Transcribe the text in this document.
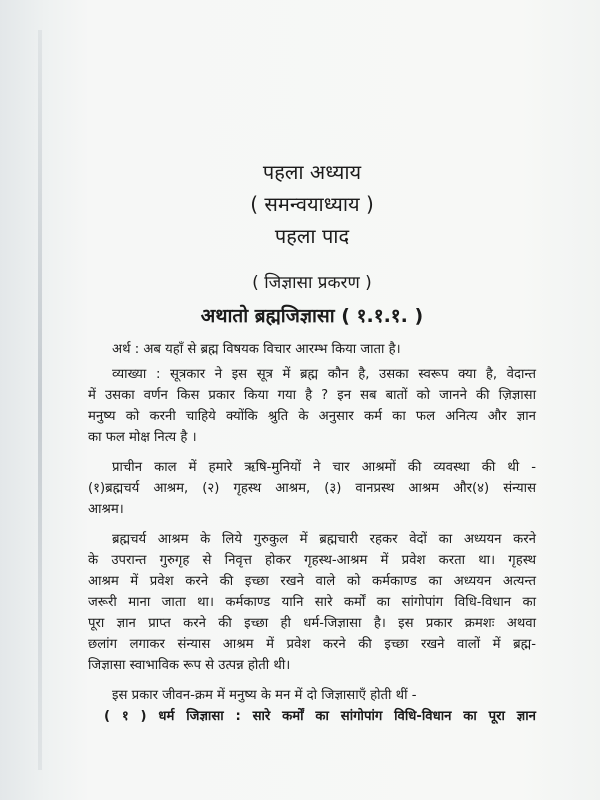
पहला अध्याय
( समन्वयाध्याय )
पहला पाद
( जिज्ञासा प्रकरण )
अथातो ब्रह्मजिज्ञासा ( १.१.१. )
अर्थ : अब यहाँ से ब्रह्म विषयक विचार आरम्भ किया जाता है।
व्याख्या : सूत्रकार ने इस सूत्र में ब्रह्म कौन है, उसका स्वरूप क्या है, वेदान्त
में उसका वर्णन किस प्रकार किया गया है ? इन सब बातों को जानने की ज़िज्ञासा
मनुष्य को करनी चाहिये क्योंकि श्रुति के अनुसार कर्म का फल अनित्य और ज्ञान
का फल मोक्ष नित्य है ।
प्राचीन काल में हमारे ऋषि-मुनियों ने चार आश्रमों की व्यवस्था की थी -
(१)ब्रह्मचर्य आश्रम, (२) गृहस्थ आश्रम, (३) वानप्रस्थ आश्रम और(४) संन्यास
आश्रम।
ब्रह्मचर्य आश्रम के लिये गुरुकुल में ब्रह्मचारी रहकर वेदों का अध्ययन करने
के उपरान्त गुरुगृह से निवृत्त होकर गृहस्थ-आश्रम में प्रवेश करता था। गृहस्थ
आश्रम में प्रवेश करने की इच्छा रखने वाले को कर्मकाण्ड का अध्ययन अत्यन्त
जरूरी माना जाता था। कर्मकाण्ड यानि सारे कर्मों का सांगोपांग विधि-विधान का
पूरा ज्ञान प्राप्त करने की इच्छा ही धर्म-जिज्ञासा है। इस प्रकार क्रमशः अथवा
छलांग लगाकर संन्यास आश्रम में प्रवेश करने की इच्छा रखने वालों में ब्रह्म-
जिज्ञासा स्वाभाविक रूप से उत्पन्न होती थी।
इस प्रकार जीवन-क्रम में मनुष्य के मन में दो जिज्ञासाएँ होती थीं -
( १ ) धर्म जिज्ञासा : सारे कर्मों का सांगोपांग विधि-विधान का पूरा ज्ञान
